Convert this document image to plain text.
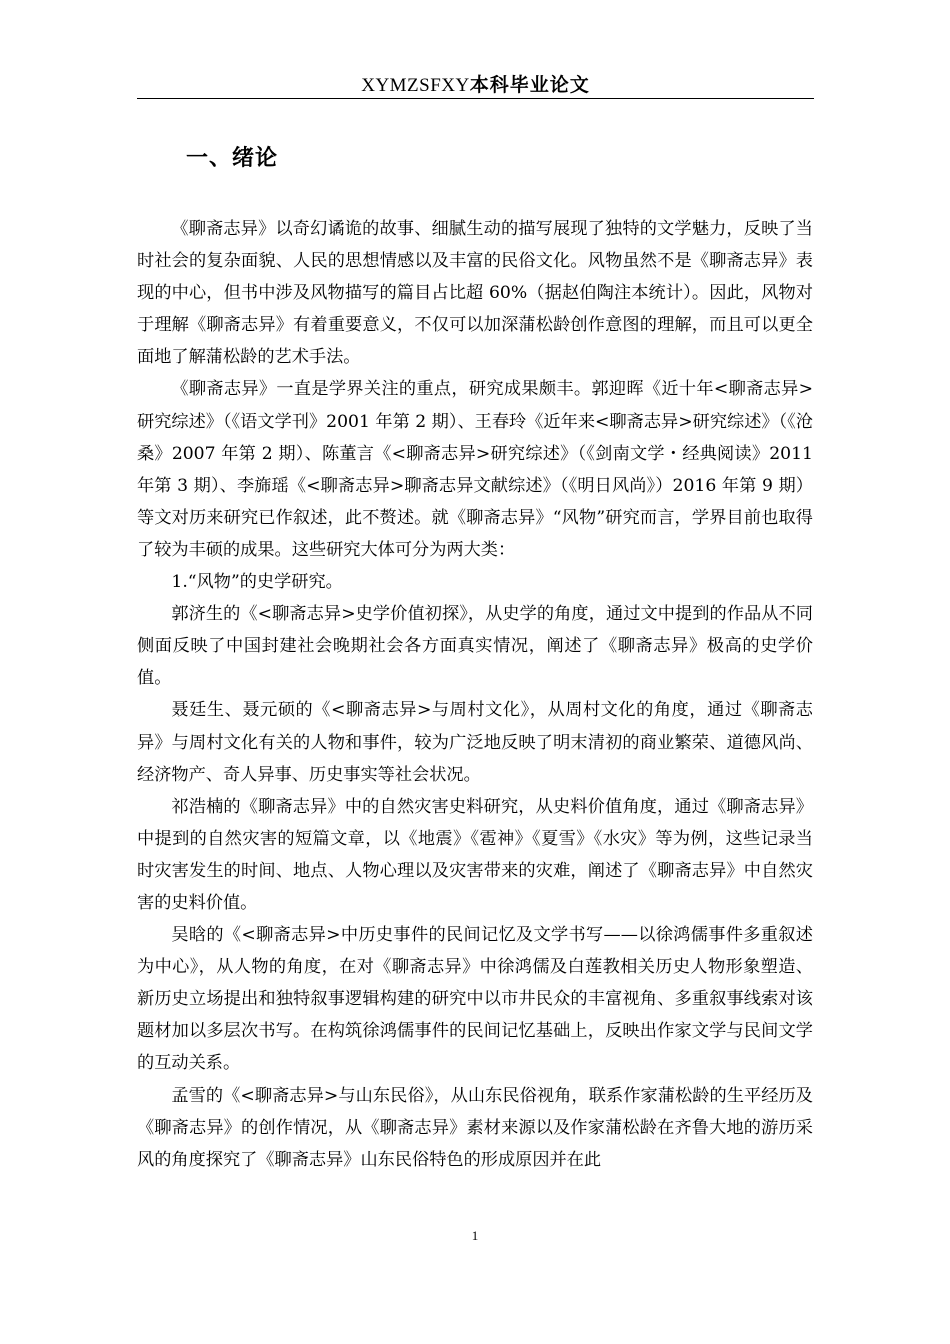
XYMZSFXY本科毕业论文
一、绪论

《聊斋志异》以奇幻谲诡的故事、细腻生动的描写展现了独特的文学魅力，反映了当时社会的复杂面貌、人民的思想情感以及丰富的民俗文化。风物虽然不是《聊斋志异》表现的中心，但书中涉及风物描写的篇目占比超 60%（据赵伯陶注本统计）。因此，风物对于理解《聊斋志异》有着重要意义，不仅可以加深蒲松龄创作意图的理解，而且可以更全面地了解蒲松龄的艺术手法。

《聊斋志异》一直是学界关注的重点，研究成果颇丰。郭迎晖《近十年<聊斋志异>研究综述》（《语文学刊》2001 年第 2 期）、王春玲《近年来<聊斋志异>研究综述》（《沧桑》2007 年第 2 期）、陈董言《<聊斋志异>研究综述》（《剑南文学・经典阅读》2011 年第 3 期）、李旆瑶《<聊斋志异>聊斋志异文献综述》（《明日风尚》）2016 年第 9 期）等文对历来研究已作叙述，此不赘述。就《聊斋志异》“风物”研究而言，学界目前也取得了较为丰硕的成果。这些研究大体可分为两大类：

1.“风物”的史学研究。

郭济生的《<聊斋志异>史学价值初探》，从史学的角度，通过文中提到的作品从不同侧面反映了中国封建社会晚期社会各方面真实情况，阐述了《聊斋志异》极高的史学价值。

聂廷生、聂元硕的《<聊斋志异>与周村文化》，从周村文化的角度，通过《聊斋志异》与周村文化有关的人物和事件，较为广泛地反映了明末清初的商业繁荣、道德风尚、经济物产、奇人异事、历史事实等社会状况。

祁浩楠的《聊斋志异》中的自然灾害史料研究，从史料价值角度，通过《聊斋志异》中提到的自然灾害的短篇文章，以《地震》《雹神》《夏雪》《水灾》等为例，这些记录当时灾害发生的时间、地点、人物心理以及灾害带来的灾难，阐述了《聊斋志异》中自然灾害的史料价值。

吴晗的《<聊斋志异>中历史事件的民间记忆及文学书写——以徐鸿儒事件多重叙述为中心》，从人物的角度，在对《聊斋志异》中徐鸿儒及白莲教相关历史人物形象塑造、新历史立场提出和独特叙事逻辑构建的研究中以市井民众的丰富视角、多重叙事线索对该题材加以多层次书写。在构筑徐鸿儒事件的民间记忆基础上，反映出作家文学与民间文学的互动关系。

孟雪的《<聊斋志异>与山东民俗》，从山东民俗视角，联系作家蒲松龄的生平经历及《聊斋志异》的创作情况，从《聊斋志异》素材来源以及作家蒲松龄在齐鲁大地的游历采风的角度探究了《聊斋志异》山东民俗特色的形成原因并在此

1
